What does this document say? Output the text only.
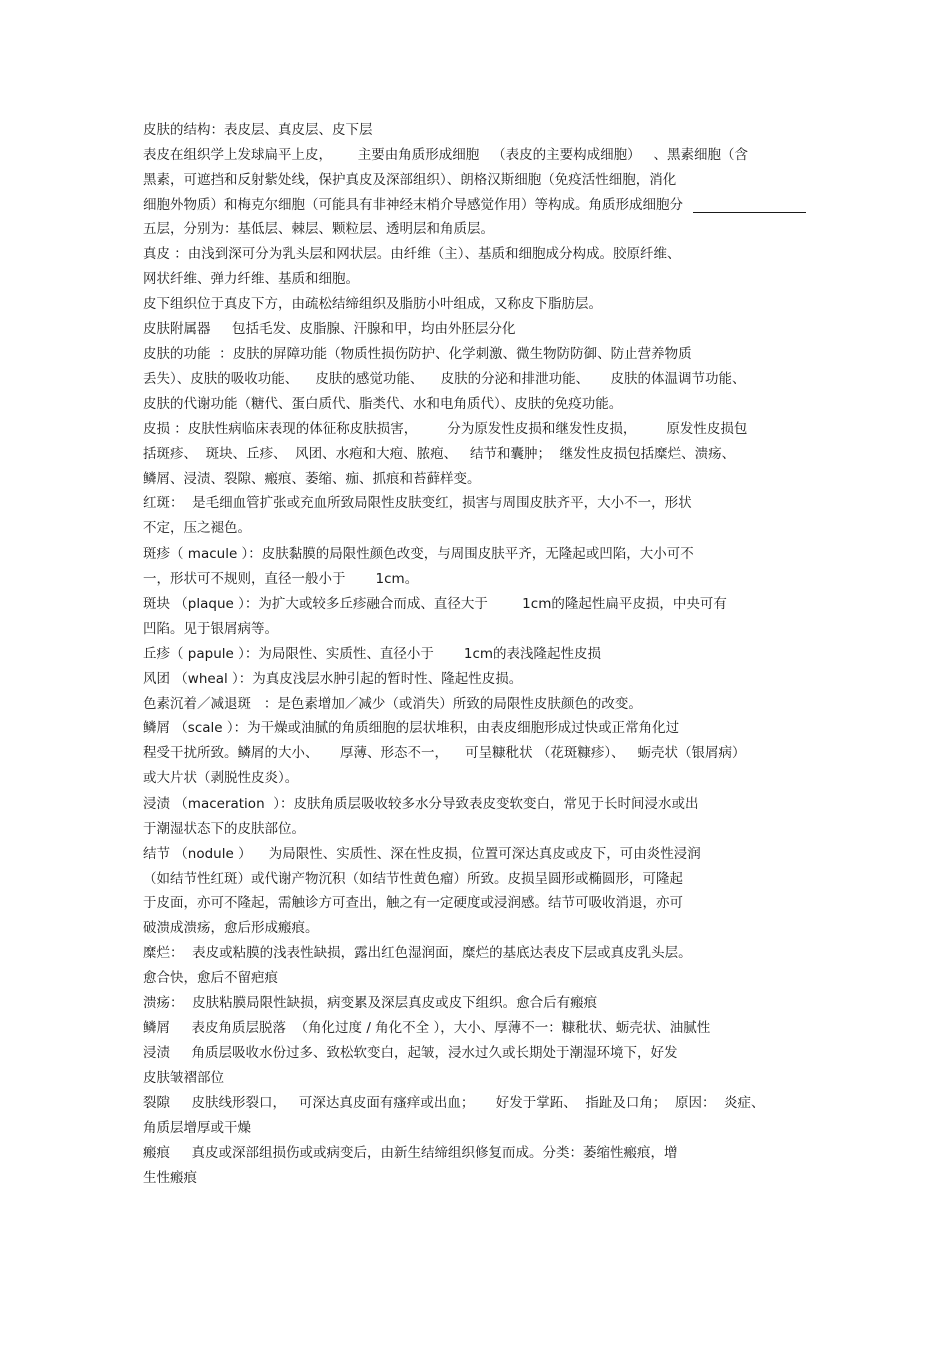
皮肤的结构：表皮层、真皮层、皮下层
表皮在组织学上发球扁平上皮，      主要由角质形成细胞   （表皮的主要构成细胞）   、黑素细胞（含
黑素，可遮挡和反射紫处线，保护真皮及深部组织）、朗格汉斯细胞（免疫活性细胞，消化
细胞外物质）和梅克尔细胞（可能具有非神经末梢介导感觉作用）等构成。角质形成细胞分
五层，分别为：基低层、棘层、颗粒层、透明层和角质层。
真皮 ：由浅到深可分为乳头层和网状层。由纤维（主）、基质和细胞成分构成。胶原纤维、
网状纤维、弹力纤维、基质和细胞。
皮下组织位于真皮下方，由疏松结缔组织及脂肪小叶组成，又称皮下脂肪层。
皮肤附属器     包括毛发、皮脂腺、汗腺和甲，均由外胚层分化
皮肤的功能  ：皮肤的屏障功能（物质性损伤防护、化学刺激、微生物防防御、防止营养物质
丢失）、皮肤的吸收功能、    皮肤的感觉功能、    皮肤的分泌和排泄功能、     皮肤的体温调节功能、
皮肤的代谢功能（糖代、蛋白质代、脂类代、水和电角质代）、皮肤的免疫功能。
皮损 ：皮肤性病临床表现的体征称皮肤损害，       分为原发性皮损和继发性皮损，       原发性皮损包
括斑疹、  斑块、丘疹、  风团、水疱和大疱、脓疱、   结节和囊肿；  继发性皮损包括糜烂、溃疡、
鳞屑、浸渍、裂隙、瘢痕、萎缩、痂、抓痕和苔藓样变。
红斑：  是毛细血管扩张或充血所致局限性皮肤变红，损害与周围皮肤齐平，大小不一，形状
不定，压之褪色。
斑疹（ macule ）：皮肤黏膜的局限性颜色改变，与周围皮肤平齐，无隆起或凹陷，大小可不
一，形状可不规则，直径一般小于       1cm。
斑块 （plaque ）：为扩大或较多丘疹融合而成、直径大于        1cm的隆起性扁平皮损，中央可有
凹陷。见于银屑病等。
丘疹（ papule ）：为局限性、实质性、直径小于       1cm的表浅隆起性皮损
风团 （wheal ）：为真皮浅层水肿引起的暂时性、隆起性皮损。
色素沉着／减退斑   ：是色素增加／减少（或消失）所致的局限性皮肤颜色的改变。
鳞屑 （scale ）：为干燥或油腻的角质细胞的层状堆积，由表皮细胞形成过快或正常角化过
程受干扰所致。鳞屑的大小、     厚薄、形态不一，    可呈糠秕状 （花斑糠疹）、   蛎壳状（银屑病）
或大片状（剥脱性皮炎）。
浸渍 （maceration  ）：皮肤角质层吸收较多水分导致表皮变软变白，常见于长时间浸水或出
于潮湿状态下的皮肤部位。
结节 （nodule ）    为局限性、实质性、深在性皮损，位置可深达真皮或皮下，可由炎性浸润
（如结节性红斑）或代谢产物沉积（如结节性黄色瘤）所致。皮损呈圆形或椭圆形，可隆起
于皮面，亦可不隆起，需触诊方可查出，触之有一定硬度或浸润感。结节可吸收消退，亦可
破溃成溃疡，愈后形成瘢痕。
糜烂：  表皮或粘膜的浅表性缺损，露出红色湿润面，糜烂的基底达表皮下层或真皮乳头层。
愈合快，愈后不留疤痕
溃疡：  皮肤粘膜局限性缺损，病变累及深层真皮或皮下组织。愈合后有瘢痕
鳞屑     表皮角质层脱落  （角化过度 / 角化不全 ），大小、厚薄不一：糠秕状、蛎壳状、油腻性
浸渍     角质层吸收水份过多、致松软变白，起皱，浸水过久或长期处于潮湿环境下，好发
皮肤皱褶部位
裂隙     皮肤线形裂口，   可深达真皮面有瘙痒或出血；     好发于掌跖、  指趾及口角；  原因：  炎症、
角质层增厚或干燥
瘢痕     真皮或深部组损伤或或病变后，由新生结缔组织修复而成。分类：萎缩性瘢痕，增
生性瘢痕
